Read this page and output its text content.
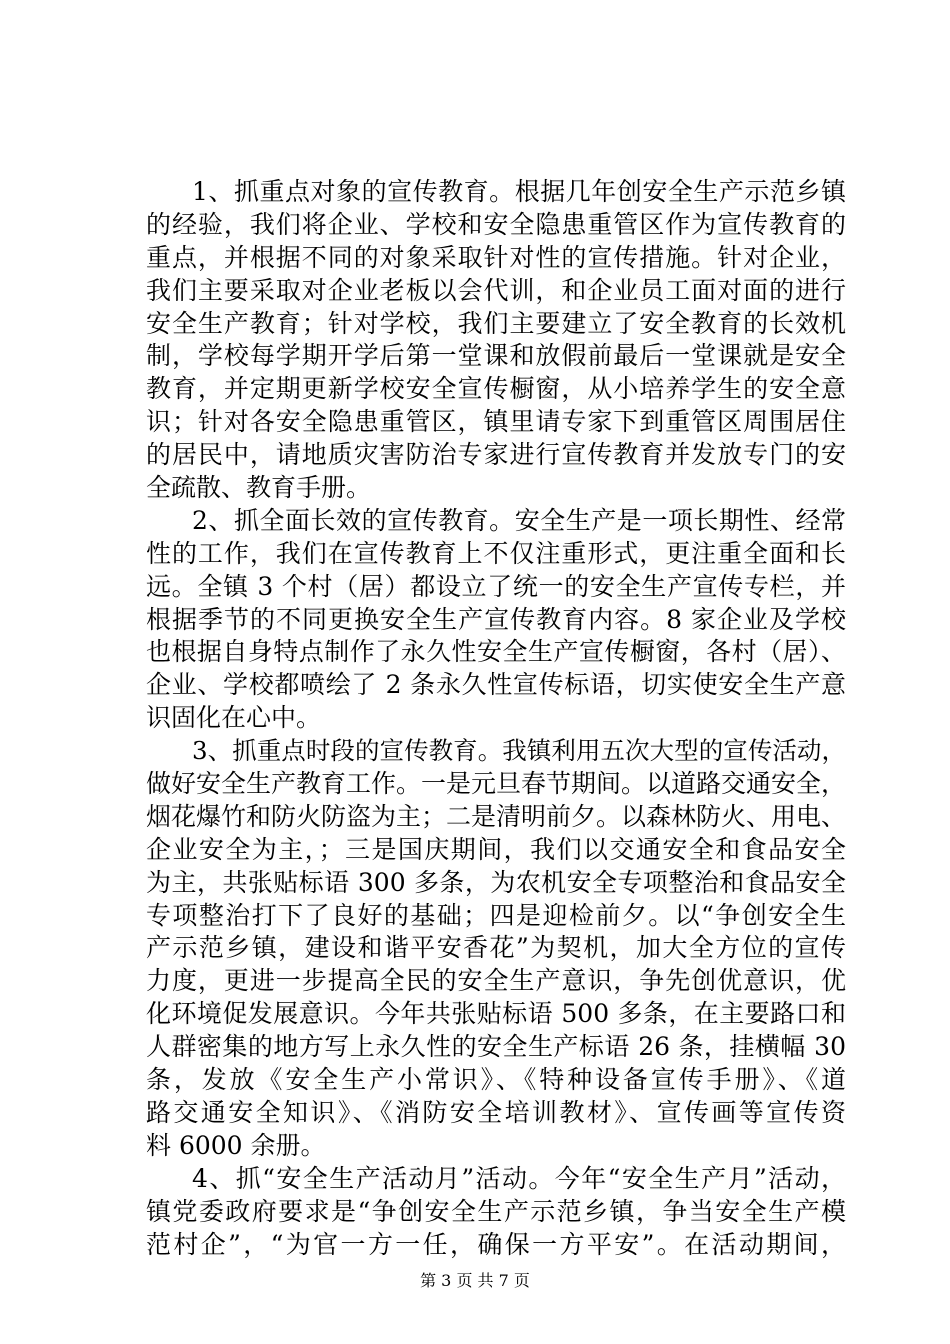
1、抓重点对象的宣传教育。根据几年创安全生产示范乡镇
的经验，我们将企业、学校和安全隐患重管区作为宣传教育的
重点，并根据不同的对象采取针对性的宣传措施。针对企业，
我们主要采取对企业老板以会代训，和企业员工面对面的进行
安全生产教育；针对学校，我们主要建立了安全教育的长效机
制，学校每学期开学后第一堂课和放假前最后一堂课就是安全
教育，并定期更新学校安全宣传橱窗，从小培养学生的安全意
识；针对各安全隐患重管区，镇里请专家下到重管区周围居住
的居民中，请地质灾害防治专家进行宣传教育并发放专门的安
全疏散、教育手册。
2、抓全面长效的宣传教育。安全生产是一项长期性、经常
性的工作，我们在宣传教育上不仅注重形式，更注重全面和长
远。全镇 3 个村（居）都设立了统一的安全生产宣传专栏，并
根据季节的不同更换安全生产宣传教育内容。8 家企业及学校
也根据自身特点制作了永久性安全生产宣传橱窗，各村（居）、
企业、学校都喷绘了 2 条永久性宣传标语，切实使安全生产意
识固化在心中。
3、抓重点时段的宣传教育。我镇利用五次大型的宣传活动，
做好安全生产教育工作。一是元旦春节期间。以道路交通安全，
烟花爆竹和防火防盗为主；二是清明前夕。以森林防火、用电、
企业安全为主，；三是国庆期间，我们以交通安全和食品安全
为主，共张贴标语 300 多条，为农机安全专项整治和食品安全
专项整治打下了良好的基础；四是迎检前夕。以“争创安全生
产示范乡镇，建设和谐平安香花”为契机，加大全方位的宣传
力度，更进一步提高全民的安全生产意识，争先创优意识，优
化环境促发展意识。今年共张贴标语 500 多条，在主要路口和
人群密集的地方写上永久性的安全生产标语 26 条，挂横幅 30
条，发放《安全生产小常识》、《特种设备宣传手册》、《道
路交通安全知识》、《消防安全培训教材》、宣传画等宣传资
料 6000 余册。
4、抓“安全生产活动月”活动。今年“安全生产月”活动，
镇党委政府要求是“争创安全生产示范乡镇，争当安全生产模
范村企”，“为官一方一任，确保一方平安”。在活动期间，
第 3 页 共 7 页
